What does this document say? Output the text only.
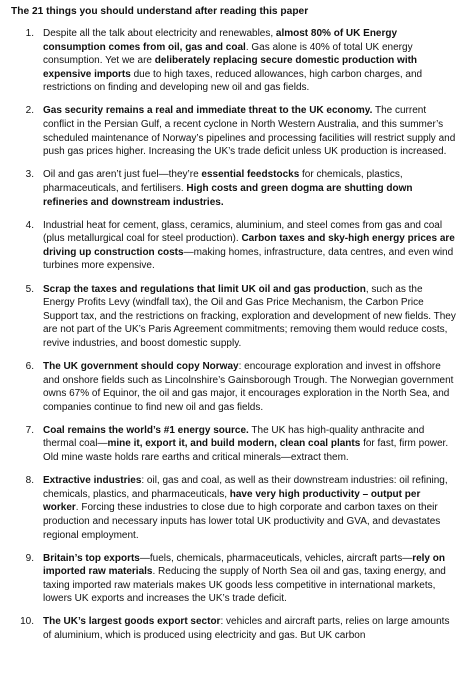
The 21 things you should understand after reading this paper
1. Despite all the talk about electricity and renewables, almost 80% of UK Energy consumption comes from oil, gas and coal. Gas alone is 40% of total UK energy consumption. Yet we are deliberately replacing secure domestic production with expensive imports due to high taxes, reduced allowances, high carbon charges, and restrictions on finding and developing new oil and gas fields.
2. Gas security remains a real and immediate threat to the UK economy. The current conflict in the Persian Gulf, a recent cyclone in North Western Australia, and this summer’s scheduled maintenance of Norway’s pipelines and processing facilities will restrict supply and push gas prices higher. Increasing the UK’s trade deficit unless UK production is increased.
3. Oil and gas aren’t just fuel—they’re essential feedstocks for chemicals, plastics, pharmaceuticals, and fertilisers. High costs and green dogma are shutting down refineries and downstream industries.
4. Industrial heat for cement, glass, ceramics, aluminium, and steel comes from gas and coal (plus metallurgical coal for steel production). Carbon taxes and sky-high energy prices are driving up construction costs—making homes, infrastructure, data centres, and even wind turbines more expensive.
5. Scrap the taxes and regulations that limit UK oil and gas production, such as the Energy Profits Levy (windfall tax), the Oil and Gas Price Mechanism, the Carbon Price Support tax, and the restrictions on fracking, exploration and development of new fields. They are not part of the UK’s Paris Agreement commitments; removing them would reduce costs, revive industries, and boost domestic supply.
6. The UK government should copy Norway: encourage exploration and invest in offshore and onshore fields such as Lincolnshire’s Gainsborough Trough. The Norwegian government owns 67% of Equinor, the oil and gas major, it encourages exploration in the North Sea, and companies continue to find new oil and gas fields.
7. Coal remains the world’s #1 energy source. The UK has high-quality anthracite and thermal coal—mine it, export it, and build modern, clean coal plants for fast, firm power. Old mine waste holds rare earths and critical minerals—extract them.
8. Extractive industries: oil, gas and coal, as well as their downstream industries: oil refining, chemicals, plastics, and pharmaceuticals, have very high productivity – output per worker. Forcing these industries to close due to high corporate and carbon taxes on their production and necessary inputs has lower total UK productivity and GVA, and devastates regional employment.
9. Britain’s top exports—fuels, chemicals, pharmaceuticals, vehicles, aircraft parts—rely on imported raw materials. Reducing the supply of North Sea oil and gas, taxing energy, and taxing imported raw materials makes UK goods less competitive in international markets, lowers UK exports and increases the UK’s trade deficit.
10. The UK’s largest goods export sector: vehicles and aircraft parts, relies on large amounts of aluminium, which is produced using electricity and gas. But UK carbon
